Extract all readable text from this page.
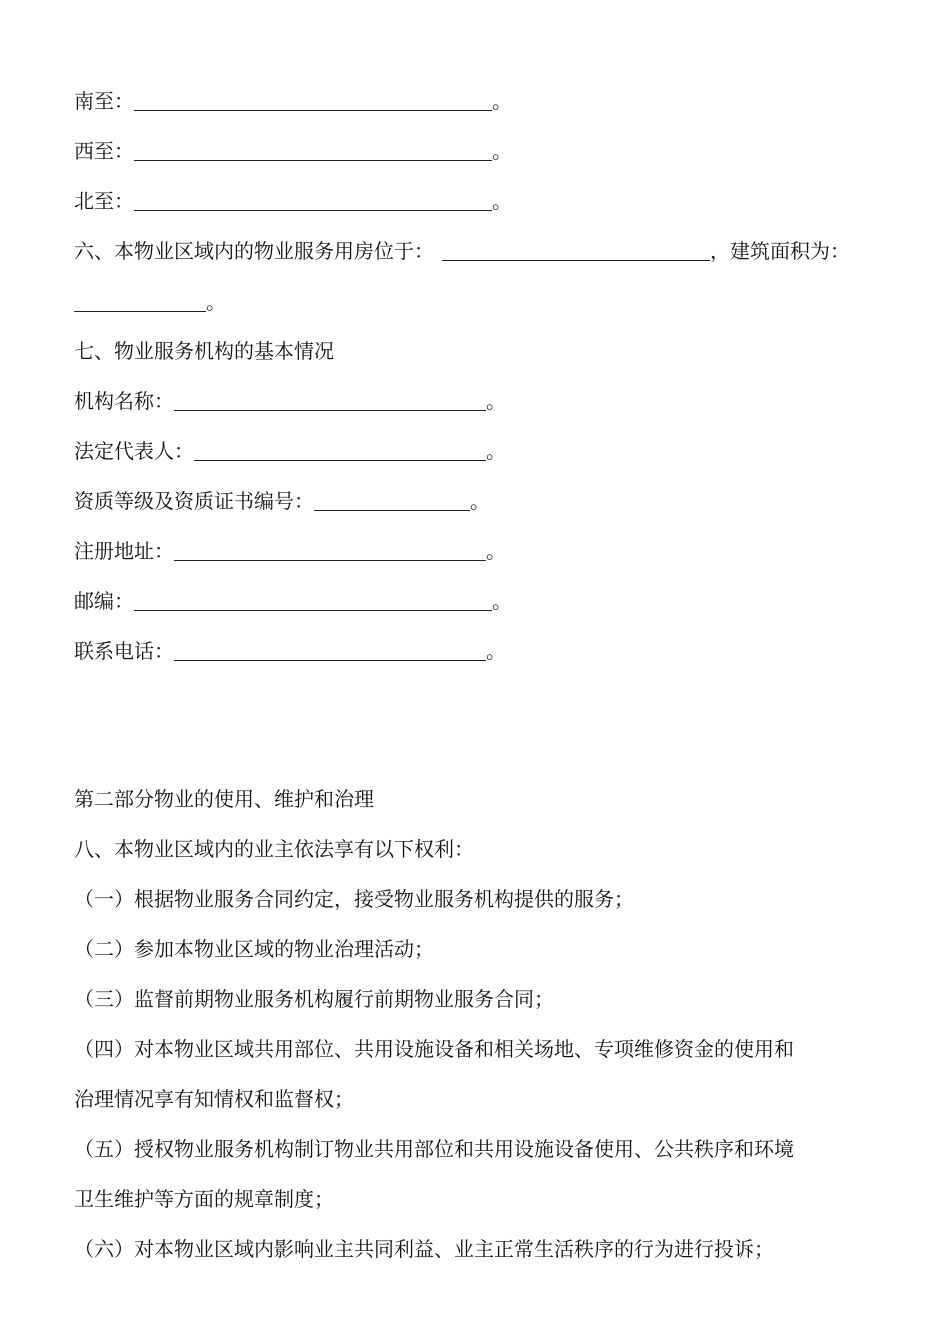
南至：	。
西至：	。
北至：	。
六、本物业区域内的物业服务用房位于：	，建筑面积为：
。
七、物业服务机构的基本情况
机构名称：	。
法定代表人：	。
资质等级及资质证书编号：	。
注册地址：	。
邮编：	。
联系电话：	。
第二部分物业的使用、维护和治理
八、本物业区域内的业主依法享有以下权利：
（一）根据物业服务合同约定，接受物业服务机构提供的服务；
（二）参加本物业区域的物业治理活动；
（三）监督前期物业服务机构履行前期物业服务合同；
（四）对本物业区域共用部位、共用设施设备和相关场地、专项维修资金的使用和
治理情况享有知情权和监督权；
（五）授权物业服务机构制订物业共用部位和共用设施设备使用、公共秩序和环境
卫生维护等方面的规章制度；
（六）对本物业区域内影响业主共同利益、业主正常生活秩序的行为进行投诉；
